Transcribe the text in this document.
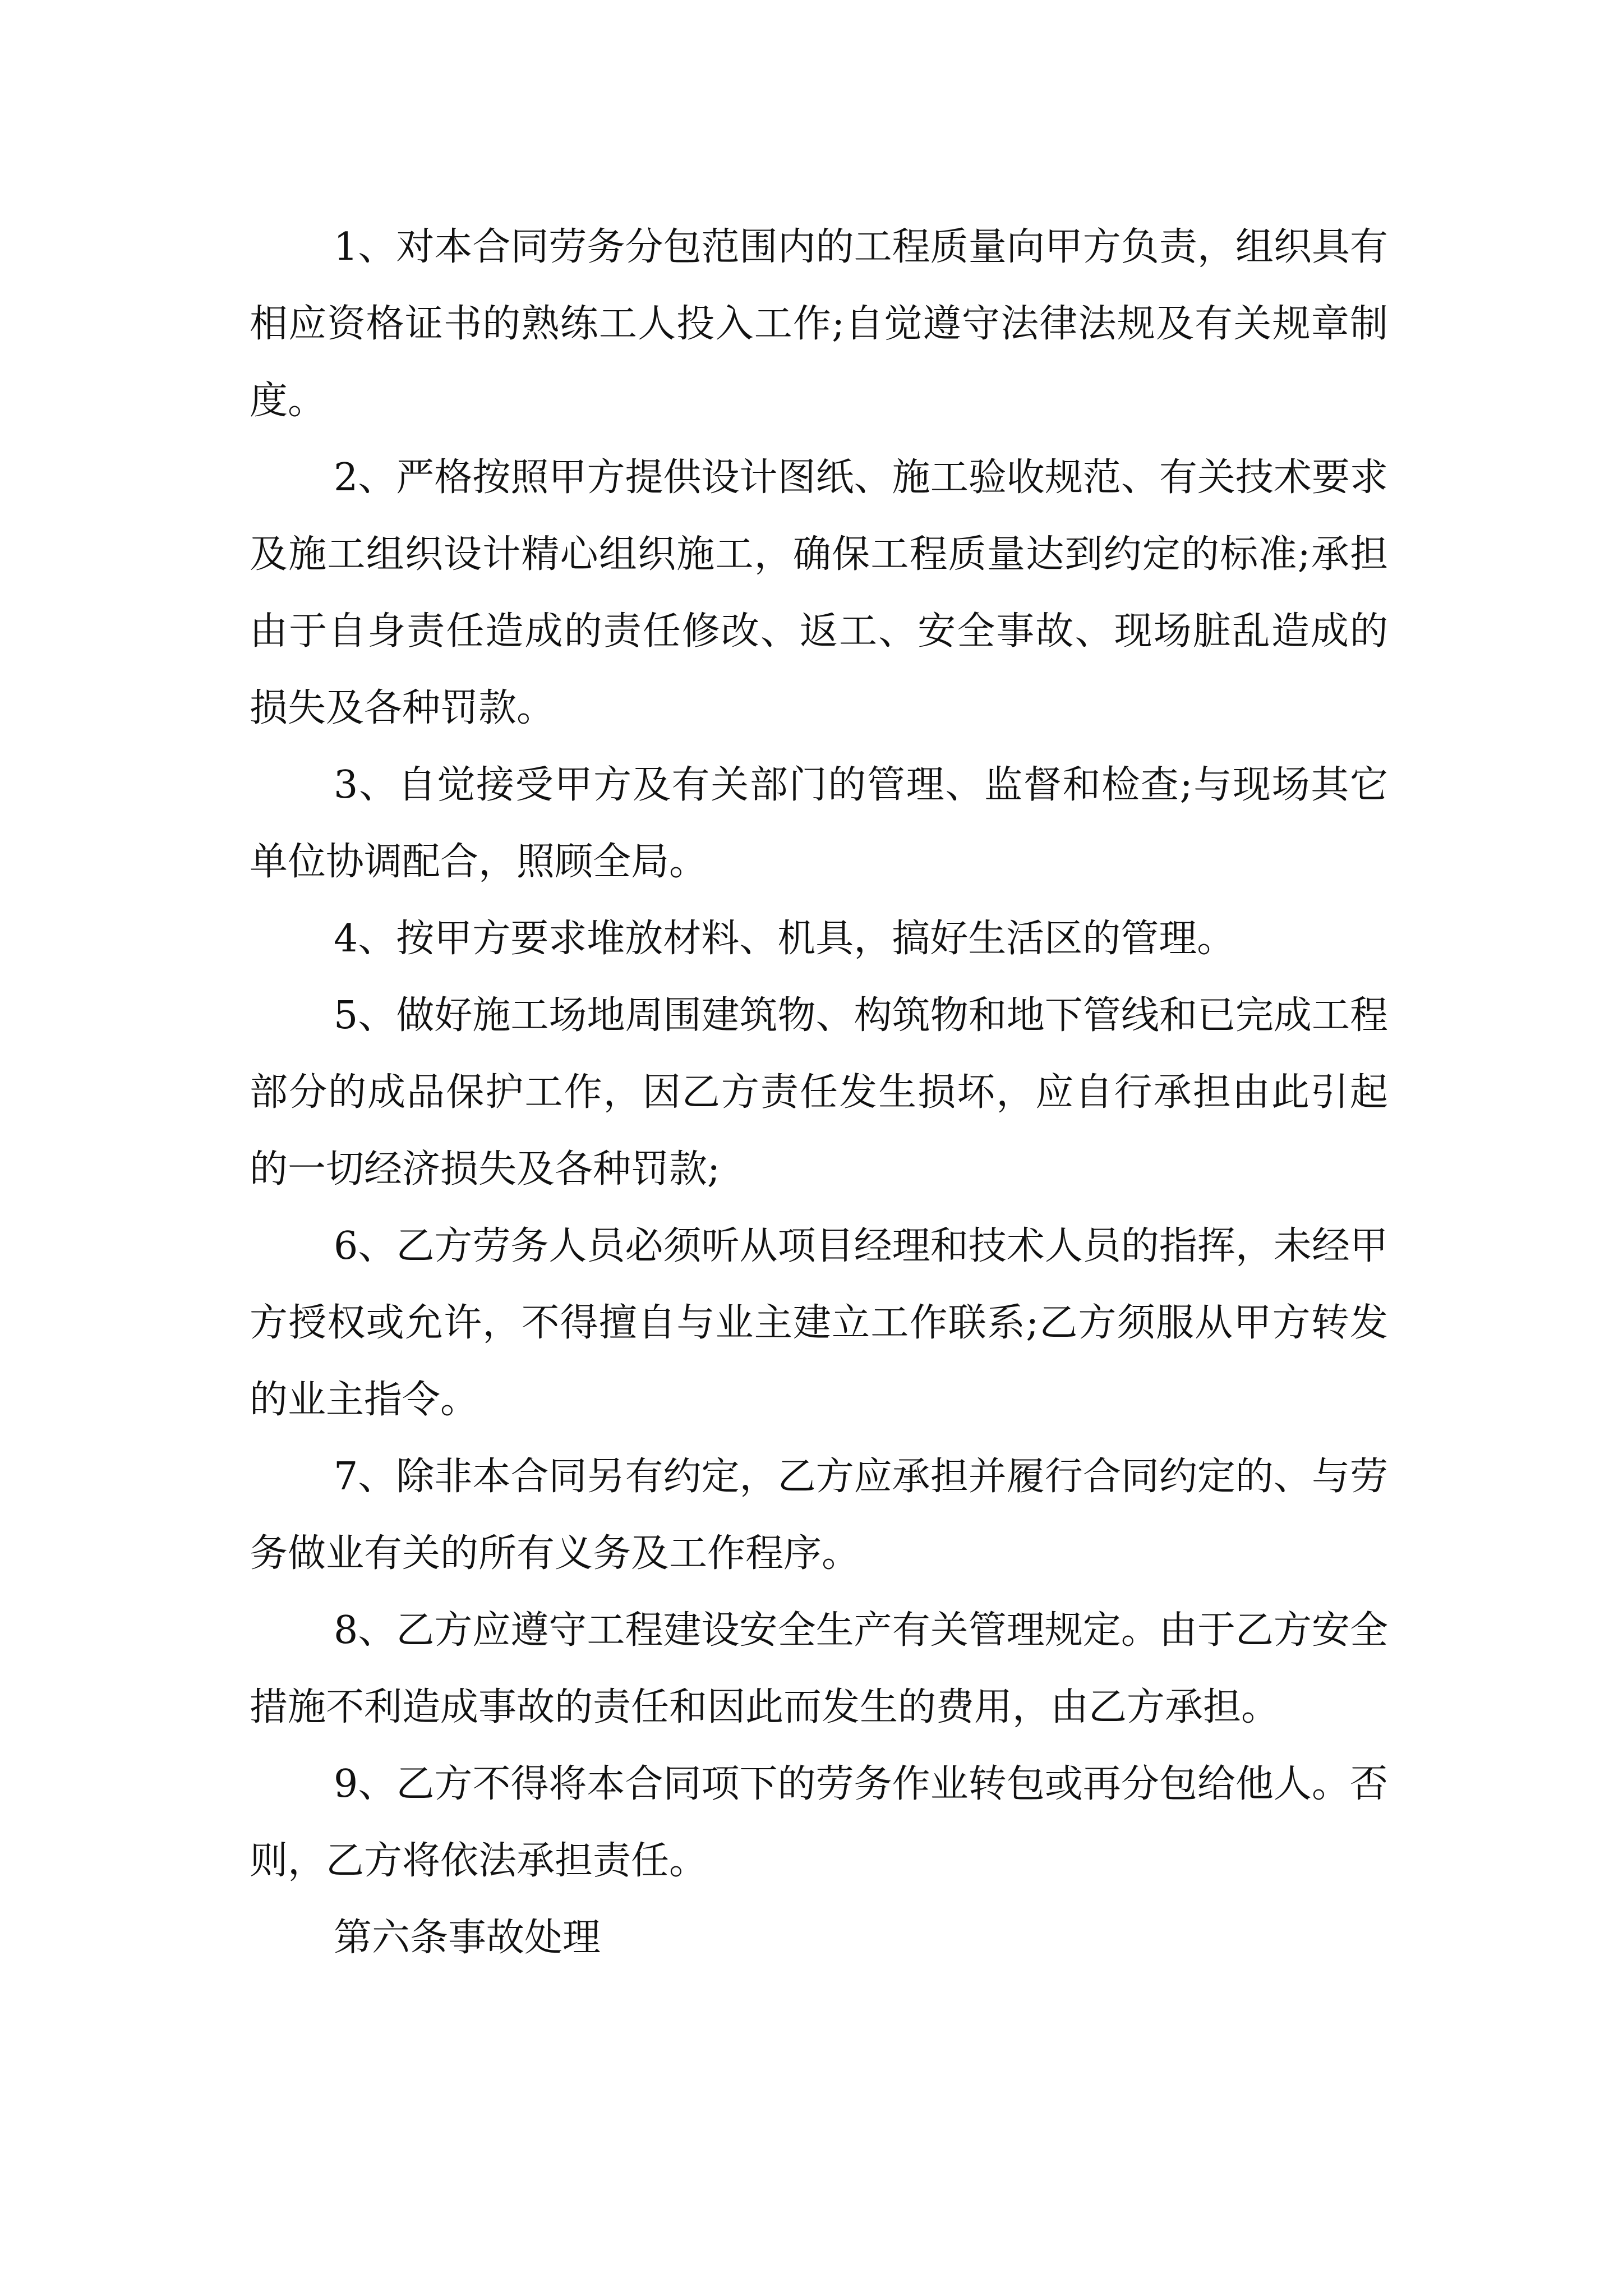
1、对本合同劳务分包范围内的工程质量向甲方负责，组织具有相应资格证书的熟练工人投入工作;自觉遵守法律法规及有关规章制度。

2、严格按照甲方提供设计图纸、施工验收规范、有关技术要求及施工组织设计精心组织施工，确保工程质量达到约定的标准;承担由于自身责任造成的责任修改、返工、安全事故、现场脏乱造成的损失及各种罚款。

3、自觉接受甲方及有关部门的管理、监督和检查;与现场其它单位协调配合，照顾全局。

4、按甲方要求堆放材料、机具，搞好生活区的管理。

5、做好施工场地周围建筑物、构筑物和地下管线和已完成工程部分的成品保护工作，因乙方责任发生损坏，应自行承担由此引起的一切经济损失及各种罚款;

6、乙方劳务人员必须听从项目经理和技术人员的指挥，未经甲方授权或允许，不得擅自与业主建立工作联系;乙方须服从甲方转发的业主指令。

7、除非本合同另有约定，乙方应承担并履行合同约定的、与劳务做业有关的所有义务及工作程序。

8、乙方应遵守工程建设安全生产有关管理规定。由于乙方安全措施不利造成事故的责任和因此而发生的费用，由乙方承担。

9、乙方不得将本合同项下的劳务作业转包或再分包给他人。否则，乙方将依法承担责任。

第六条事故处理
